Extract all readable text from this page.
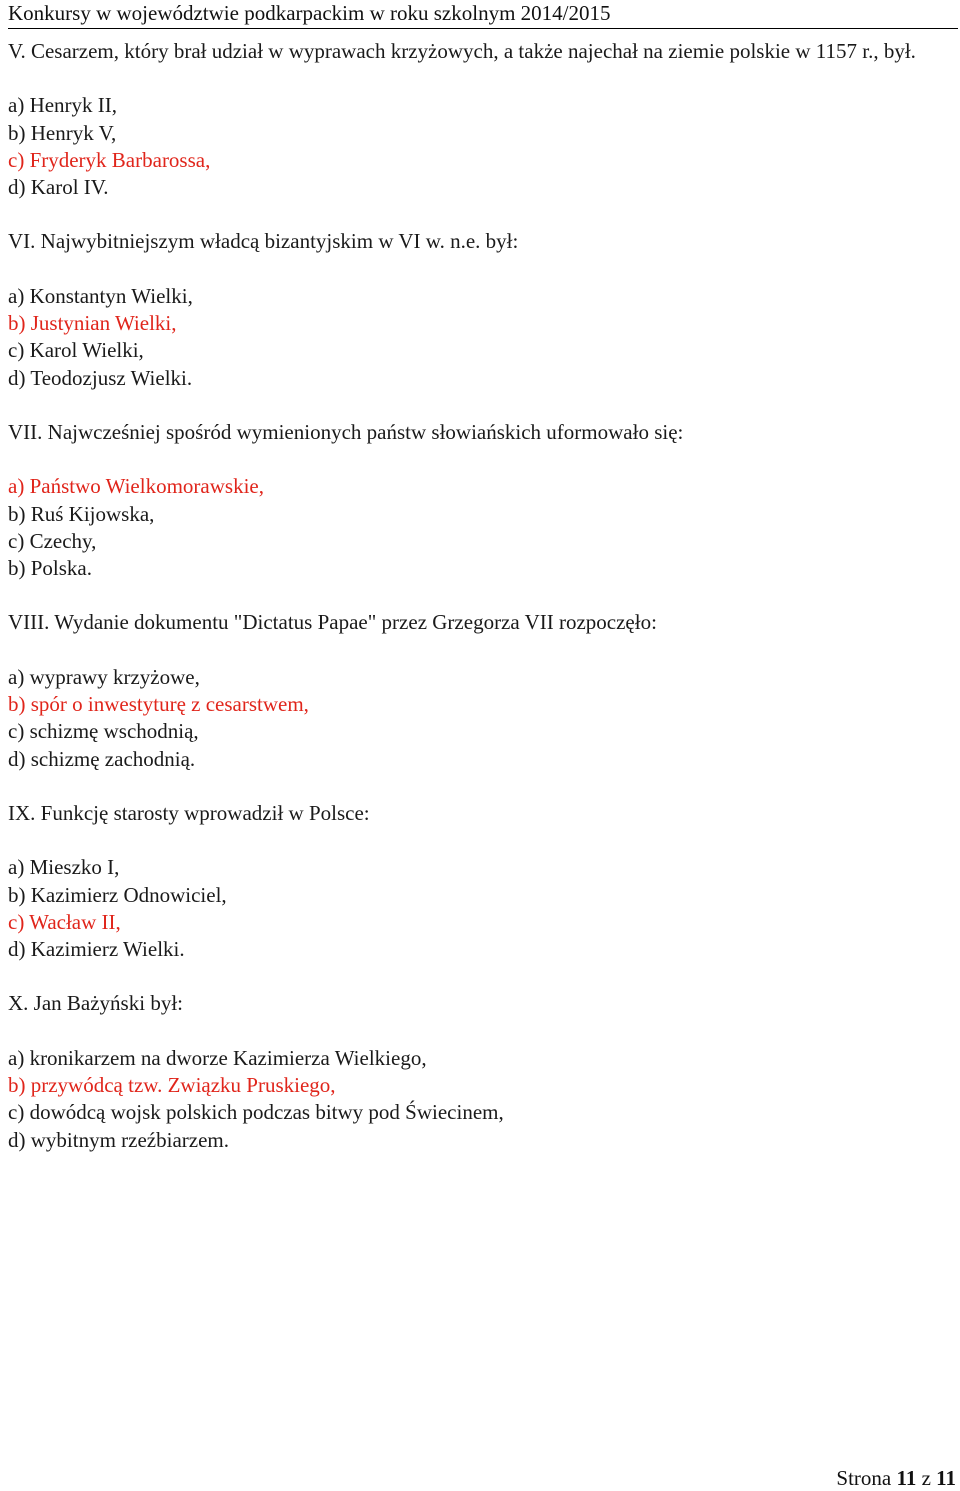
Konkursy w województwie podkarpackim w roku szkolnym 2014/2015

V. Cesarzem, który brał udział w wyprawach krzyżowych, a także najechał na ziemie polskie w 1157 r., był.

a) Henryk II,
b) Henryk V,
c) Fryderyk Barbarossa,
d) Karol IV.

VI. Najwybitniejszym władcą bizantyjskim w VI w. n.e. był:

a) Konstantyn Wielki,
b) Justynian Wielki,
c) Karol Wielki,
d) Teodozjusz Wielki.

VII. Najwcześniej spośród wymienionych państw słowiańskich uformowało się:

a) Państwo Wielkomorawskie,
b) Ruś Kijowska,
c) Czechy,
b) Polska.

VIII. Wydanie dokumentu "Dictatus Papae" przez Grzegorza VII rozpoczęło:

a) wyprawy krzyżowe,
b) spór o inwestyturę z cesarstwem,
c) schizmę wschodnią,
d) schizmę zachodnią.

IX. Funkcję starosty wprowadził w Polsce:

a) Mieszko I,
b) Kazimierz Odnowiciel,
c) Wacław II,
d) Kazimierz Wielki.

X. Jan Bażyński był:

a) kronikarzem na dworze Kazimierza Wielkiego,
b) przywódcą tzw. Związku Pruskiego,
c) dowódcą wojsk polskich podczas bitwy pod Świecinem,
d) wybitnym rzeźbiarzem.
Strona 11 z 11
